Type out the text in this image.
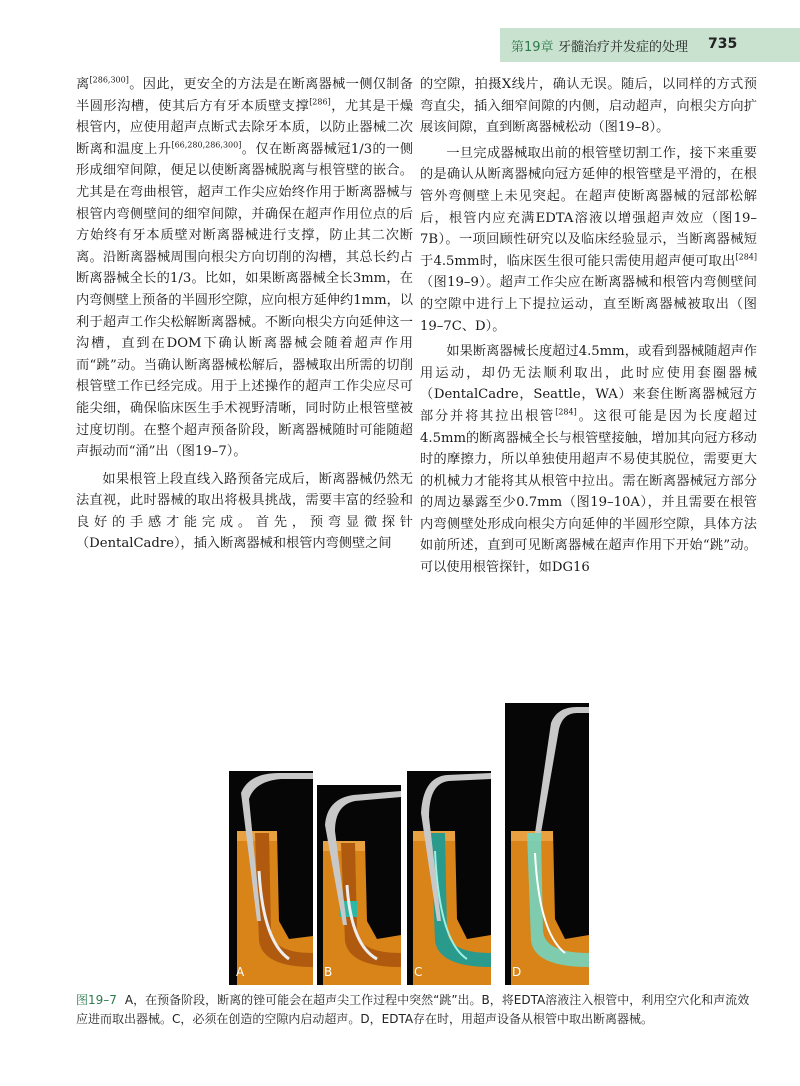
第19章 牙髓治疗并发症的处理 735

离[286,300]。因此，更安全的方法是在断离器械一侧仅制备半圆形沟槽，使其后方有牙本质壁支撑[286]，尤其是干燥根管内，应使用超声点断式去除牙本质，以防止器械二次断离和温度上升[66,280,286,300]。仅在断离器械冠1/3的一侧形成细窄间隙，便足以使断离器械脱离与根管壁的嵌合。尤其是在弯曲根管，超声工作尖应始终作用于断离器械与根管内弯侧壁间的细窄间隙，并确保在超声作用位点的后方始终有牙本质壁对断离器械进行支撑，防止其二次断离。沿断离器械周围向根尖方向切削的沟槽，其总长约占断离器械全长的1/3。比如，如果断离器械全长3mm，在内弯侧壁上预备的半圆形空隙，应向根方延伸约1mm，以利于超声工作尖松解断离器械。不断向根尖方向延伸这一沟槽，直到在DOM下确认断离器械会随着超声作用而“跳”动。当确认断离器械松解后，器械取出所需的切削根管壁工作已经完成。用于上述操作的超声工作尖应尽可能尖细，确保临床医生手术视野清晰，同时防止根管壁被过度切削。在整个超声预备阶段，断离器械随时可能随超声振动而“涌”出（图19–7）。

如果根管上段直线入路预备完成后，断离器械仍然无法直视，此时器械的取出将极具挑战，需要丰富的经验和良好的手感才能完成。首先，预弯显微探针（DentalCadre），插入断离器械和根管内弯侧壁之间

的空隙，拍摄X线片，确认无误。随后，以同样的方式预弯直尖，插入细窄间隙的内侧，启动超声，向根尖方向扩展该间隙，直到断离器械松动（图19–8）。

一旦完成器械取出前的根管壁切割工作，接下来重要的是确认从断离器械向冠方延伸的根管壁是平滑的，在根管外弯侧壁上未见突起。在超声使断离器械的冠部松解后，根管内应充满EDTA溶液以增强超声效应（图19–7B）。一项回顾性研究以及临床经验显示，当断离器械短于4.5mm时，临床医生很可能只需使用超声便可取出[284]（图19–9）。超声工作尖应在断离器械和根管内弯侧壁间的空隙中进行上下提拉运动，直至断离器械被取出（图19–7C、D）。

如果断离器械长度超过4.5mm，或看到器械随超声作用运动，却仍无法顺利取出，此时应使用套圈器械（DentalCadre，Seattle，WA）来套住断离器械冠方部分并将其拉出根管[284]。这很可能是因为长度超过4.5mm的断离器械全长与根管壁接触，增加其向冠方移动时的摩擦力，所以单独使用超声不易使其脱位，需要更大的机械力才能将其从根管中拉出。需在断离器械冠方部分的周边暴露至少0.7mm（图19–10A），并且需要在根管内弯侧壁处形成向根尖方向延伸的半圆形空隙，具体方法如前所述，直到可见断离器械在超声作用下开始“跳”动。可以使用根管探针，如DG16

A	B	C	D
图19–7 A，在预备阶段，断离的锉可能会在超声尖工作过程中突然“跳”出。B，将EDTA溶液注入根管中，利用空穴化和声流效应进而取出器械。C，必须在创造的空隙内启动超声。D，EDTA存在时，用超声设备从根管中取出断离器械。
